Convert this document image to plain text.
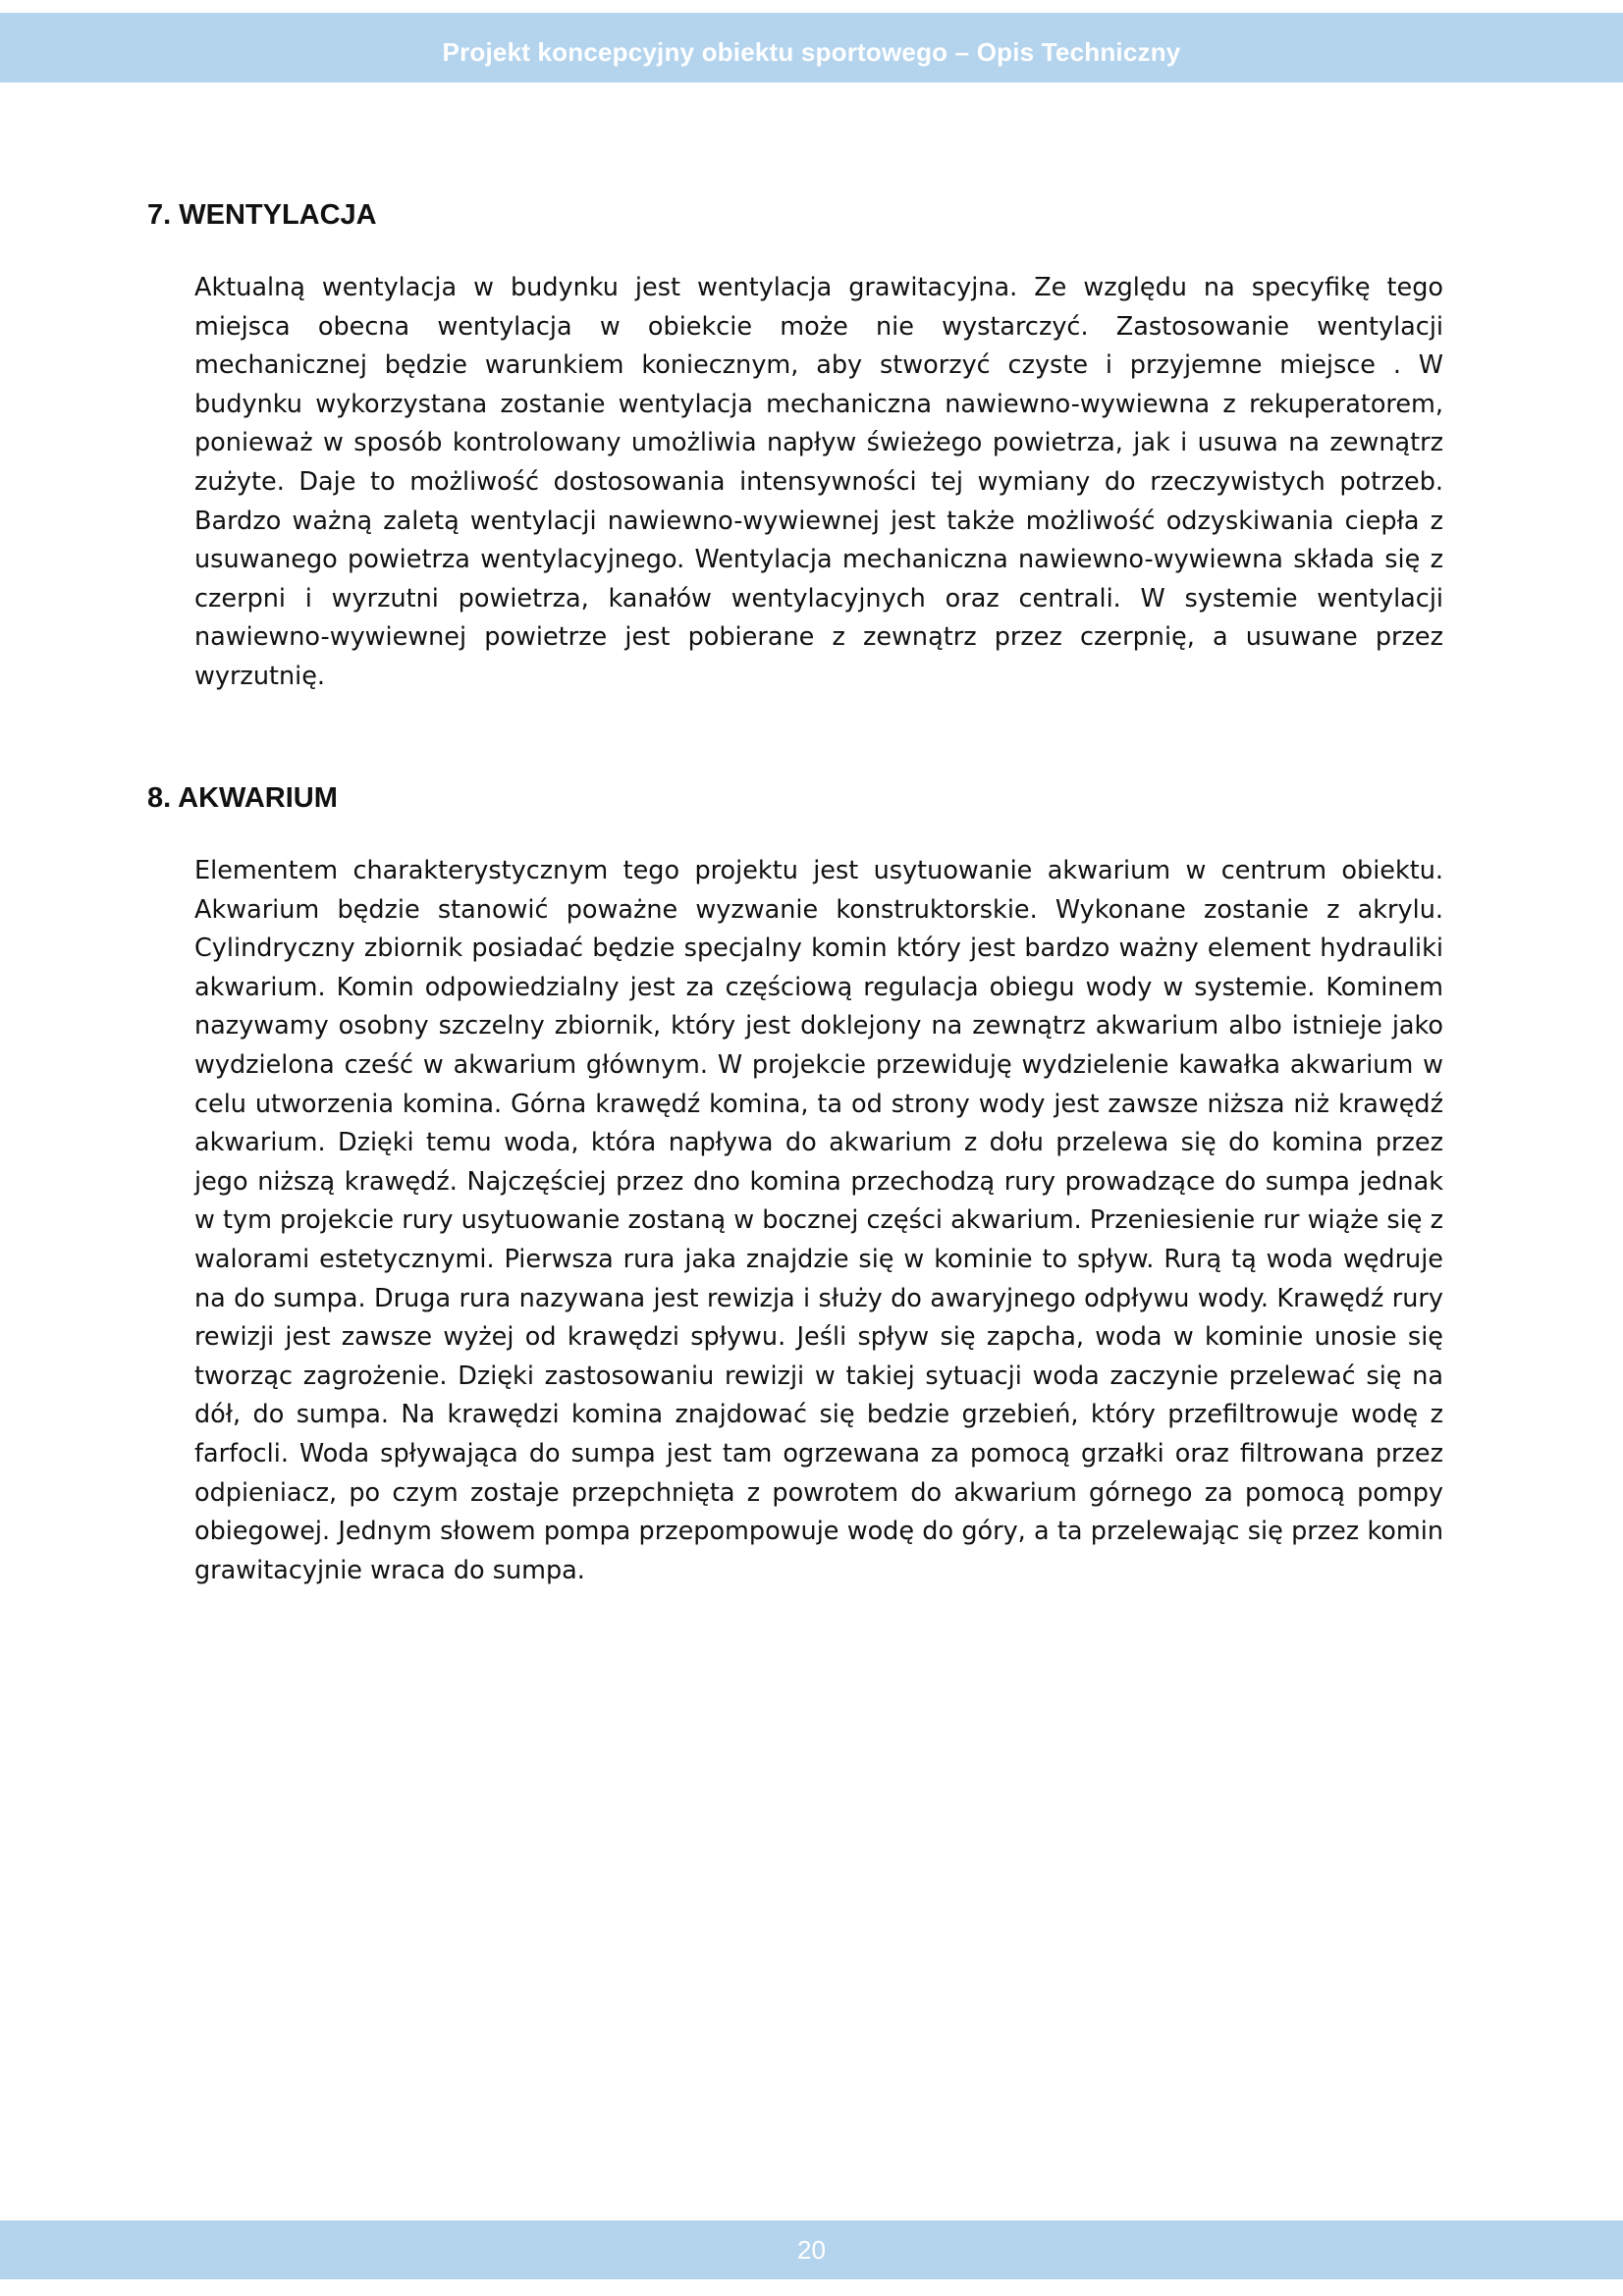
Projekt koncepcyjny obiektu sportowego – Opis Techniczny
7. WENTYLACJA

Aktualną wentylacja w budynku jest wentylacja grawitacyjna. Ze względu na specyfikę tego miejsca obecna wentylacja w obiekcie może nie wystarczyć. Zastosowanie wentylacji mechanicznej będzie warunkiem koniecznym, aby stworzyć czyste i przyjemne miejsce . W budynku wykorzystana zostanie wentylacja mechaniczna nawiewno-wywiewna z rekuperatorem, ponieważ w sposób kontrolowany umożliwia napływ świeżego powietrza, jak i usuwa na zewnątrz zużyte. Daje to możliwość dostosowania intensywności tej wymiany do rzeczywistych potrzeb. Bardzo ważną zaletą wentylacji nawiewno-wywiewnej jest także możliwość odzyskiwania ciepła z usuwanego powietrza wentylacyjnego. Wentylacja mechaniczna nawiewno-wywiewna składa się z czerpni i wyrzutni powietrza, kanałów wentylacyjnych oraz centrali. W systemie wentylacji nawiewno-wywiewnej powietrze jest pobierane z zewnątrz przez czerpnię, a usuwane przez wyrzutnię.

8. AKWARIUM

Elementem charakterystycznym tego projektu jest usytuowanie akwarium w centrum obiektu. Akwarium będzie stanowić poważne wyzwanie konstruktorskie. Wykonane zostanie z akrylu. Cylindryczny zbiornik posiadać będzie specjalny komin który jest bardzo ważny element hydrauliki akwarium. Komin odpowiedzialny jest za częściową regulacja obiegu wody w systemie. Kominem nazywamy osobny szczelny zbiornik, który jest doklejony na zewnątrz akwarium albo istnieje jako wydzielona cześć w akwarium głównym. W projekcie przewiduję wydzielenie kawałka akwarium w celu utworzenia komina. Górna krawędź komina, ta od strony wody jest zawsze niższa niż krawędź akwarium. Dzięki temu woda, która napływa do akwarium z dołu przelewa się do komina przez jego niższą krawędź. Najczęściej przez dno komina przechodzą rury prowadzące do sumpa jednak w tym projekcie rury usytuowanie zostaną w bocznej części akwarium. Przeniesienie rur wiąże się z walorami estetycznymi. Pierwsza rura jaka znajdzie się w kominie to spływ. Rurą tą woda wędruje na do sumpa. Druga rura nazywana jest rewizja i służy do awaryjnego odpływu wody. Krawędź rury rewizji jest zawsze wyżej od krawędzi spływu. Jeśli spływ się zapcha, woda w kominie unosie się tworząc zagrożenie. Dzięki zastosowaniu rewizji w takiej sytuacji woda zaczynie przelewać się na dół, do sumpa. Na krawędzi komina znajdować się bedzie grzebień, który przefiltrowuje wodę z farfocli. Woda spływająca do sumpa jest tam ogrzewana za pomocą grzałki oraz filtrowana przez odpieniacz, po czym zostaje przepchnięta z powrotem do akwarium górnego za pomocą pompy obiegowej. Jednym słowem pompa przepompowuje wodę do góry, a ta przelewając się przez komin grawitacyjnie wraca do sumpa.

20
